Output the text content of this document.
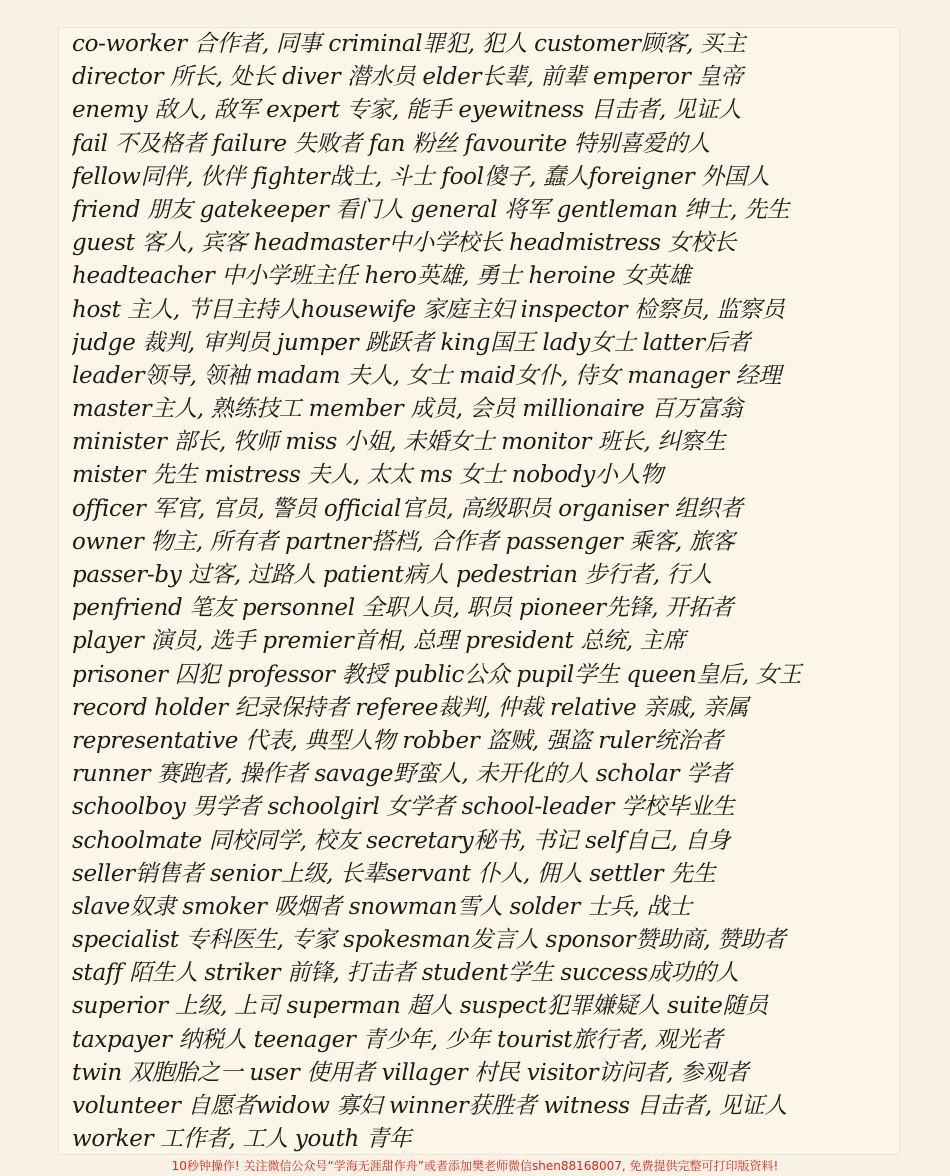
co-worker 合作者, 同事 criminal罪犯, 犯人 customer顾客, 买主
director 所长, 处长 diver 潜水员 elder长辈, 前辈 emperor 皇帝
enemy 敌人, 敌军 expert 专家, 能手 eyewitness 目击者, 见证人
fail 不及格者 failure 失败者 fan 粉丝 favourite 特别喜爱的人
fellow同伴, 伙伴 fighter战士, 斗士 fool傻子, 蠢人foreigner 外国人
friend 朋友 gatekeeper 看门人 general 将军 gentleman 绅士, 先生
guest 客人, 宾客 headmaster中小学校长 headmistress 女校长
headteacher 中小学班主任 hero英雄, 勇士 heroine 女英雄
host 主人, 节目主持人housewife 家庭主妇 inspector 检察员, 监察员
judge 裁判, 审判员 jumper 跳跃者 king国王 lady女士 latter后者
leader领导, 领袖 madam 夫人, 女士 maid女仆, 侍女 manager 经理
master主人, 熟练技工 member 成员, 会员 millionaire 百万富翁
minister 部长, 牧师 miss 小姐, 未婚女士 monitor 班长, 纠察生
mister 先生 mistress 夫人, 太太 ms 女士 nobody小人物
officer 军官, 官员, 警员 official官员, 高级职员 organiser 组织者
owner 物主, 所有者 partner搭档, 合作者 passenger 乘客, 旅客
passer-by 过客, 过路人 patient病人 pedestrian 步行者, 行人
penfriend 笔友 personnel 全职人员, 职员 pioneer先锋, 开拓者
player 演员, 选手 premier首相, 总理 president 总统, 主席
prisoner 囚犯 professor 教授 public公众 pupil学生 queen皇后, 女王
record holder 纪录保持者 referee裁判, 仲裁 relative 亲戚, 亲属
representative 代表, 典型人物 robber 盗贼, 强盗 ruler统治者
runner 赛跑者, 操作者 savage野蛮人, 未开化的人 scholar 学者
schoolboy 男学者 schoolgirl 女学者 school-leader 学校毕业生
schoolmate 同校同学, 校友 secretary秘书, 书记 self自己, 自身
seller销售者 senior上级, 长辈servant 仆人, 佣人 settler 先生
slave奴隶 smoker 吸烟者 snowman雪人 solder 士兵, 战士
specialist 专科医生, 专家 spokesman发言人 sponsor赞助商, 赞助者
staff 陌生人 striker 前锋, 打击者 student学生 success成功的人
superior 上级, 上司 superman 超人 suspect犯罪嫌疑人 suite随员
taxpayer 纳税人 teenager 青少年, 少年 tourist旅行者, 观光者
twin 双胞胎之一 user 使用者 villager 村民 visitor访问者, 参观者
volunteer 自愿者widow 寡妇 winner获胜者 witness 目击者, 见证人
worker 工作者, 工人 youth 青年
10秒钟操作! 关注微信公众号“学海无涯甜作舟”或者添加樊老师微信shen88168007, 免费提供完整可打印版资料!
